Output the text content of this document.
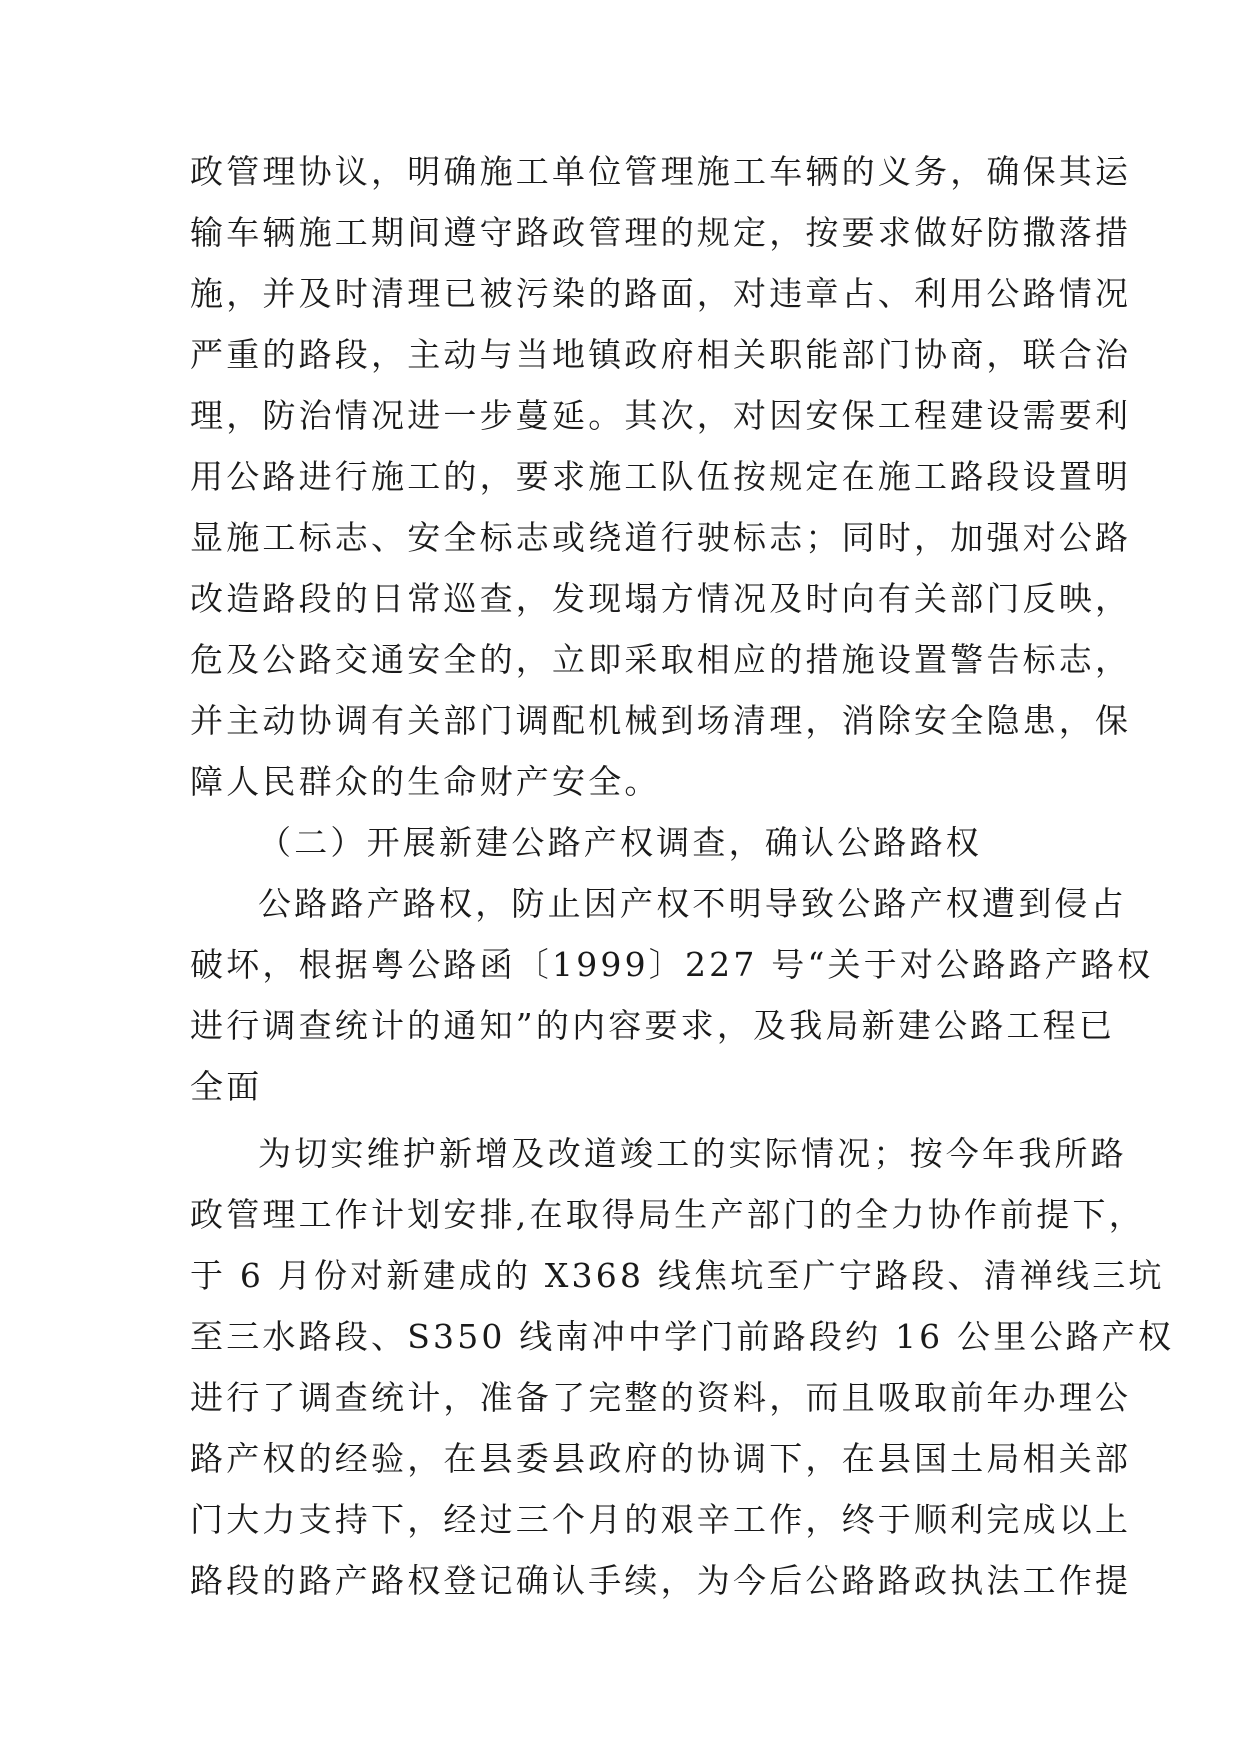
政管理协议，明确施工单位管理施工车辆的义务，确保其运
输车辆施工期间遵守路政管理的规定，按要求做好防撒落措
施，并及时清理已被污染的路面，对违章占、利用公路情况
严重的路段，主动与当地镇政府相关职能部门协商，联合治
理，防治情况进一步蔓延。其次，对因安保工程建设需要利
用公路进行施工的，要求施工队伍按规定在施工路段设置明
显施工标志、安全标志或绕道行驶标志；同时，加强对公路
改造路段的日常巡查，发现塌方情况及时向有关部门反映，
危及公路交通安全的，立即采取相应的措施设置警告标志，
并主动协调有关部门调配机械到场清理，消除安全隐患，保
障人民群众的生命财产安全。
（二）开展新建公路产权调查，确认公路路权
公路路产路权，防止因产权不明导致公路产权遭到侵占
破坏，根据粤公路函〔1999〕227 号“关于对公路路产路权
进行调查统计的通知”的内容要求，及我局新建公路工程已
全面
为切实维护新增及改道竣工的实际情况；按今年我所路
政管理工作计划安排,在取得局生产部门的全力协作前提下，
于 6 月份对新建成的 X368 线焦坑至广宁路段、清禅线三坑
至三水路段、S350 线南冲中学门前路段约 16 公里公路产权
进行了调查统计，准备了完整的资料，而且吸取前年办理公
路产权的经验，在县委县政府的协调下，在县国土局相关部
门大力支持下，经过三个月的艰辛工作，终于顺利完成以上
路段的路产路权登记确认手续，为今后公路路政执法工作提
